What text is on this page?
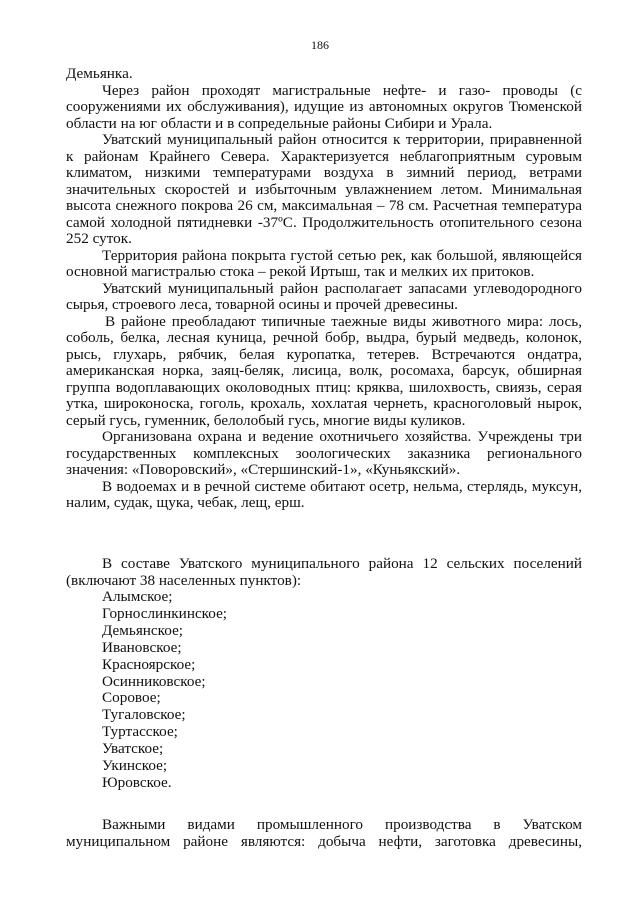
186

Демьянка.

Через район проходят магистральные нефте- и газо- проводы (с сооружениями их обслуживания), идущие из автономных округов Тюменской области на юг области и в сопредельные районы Сибири и Урала.

Уватский муниципальный район относится к территории, приравненной к районам Крайнего Севера. Характеризуется неблагоприятным суровым климатом, низкими температурами воздуха в зимний период, ветрами значительных скоростей и избыточным увлажнением летом. Минимальная высота снежного покрова 26 см, максимальная – 78 см. Расчетная температура самой холодной пятидневки -37ºС. Продолжительность отопительного сезона 252 суток.

Территория района покрыта густой сетью рек, как большой, являющейся основной магистралью стока – рекой Иртыш, так и мелких их притоков.

Уватский муниципальный район располагает запасами углеводородного сырья, строевого леса, товарной осины и прочей древесины.

В районе преобладают типичные таежные виды животного мира: лось, соболь, белка, лесная куница, речной бобр, выдра, бурый медведь, колонок, рысь, глухарь, рябчик, белая куропатка, тетерев. Встречаются ондатра, американская норка, заяц-беляк, лисица, волк, росомаха, барсук, обширная группа водоплавающих околоводных птиц: кряква, шилохвость, свиязь, серая утка, широконоска, гоголь, крохаль, хохлатая чернеть, красноголовый нырок, серый гусь, гуменник, белолобый гусь, многие виды куликов.

Организована охрана и ведение охотничьего хозяйства. Учреждены три государственных комплексных зоологических заказника регионального значения: «Поворовский», «Стершинский-1», «Куньякский».

В водоемах и в речной системе обитают осетр, нельма, стерлядь, муксун, налим, судак, щука, чебак, лещ, ерш.

В составе Уватского муниципального района 12 сельских поселений (включают 38 населенных пунктов):

Алымское;
Горнослинкинское;
Демьянское;
Ивановское;
Красноярское;
Осинниковское;
Соровое;
Тугаловское;
Туртасское;
Уватское;
Укинское;
Юровское.

Важными видами промышленного производства в Уватском муниципальном районе являются: добыча нефти, заготовка древесины,
